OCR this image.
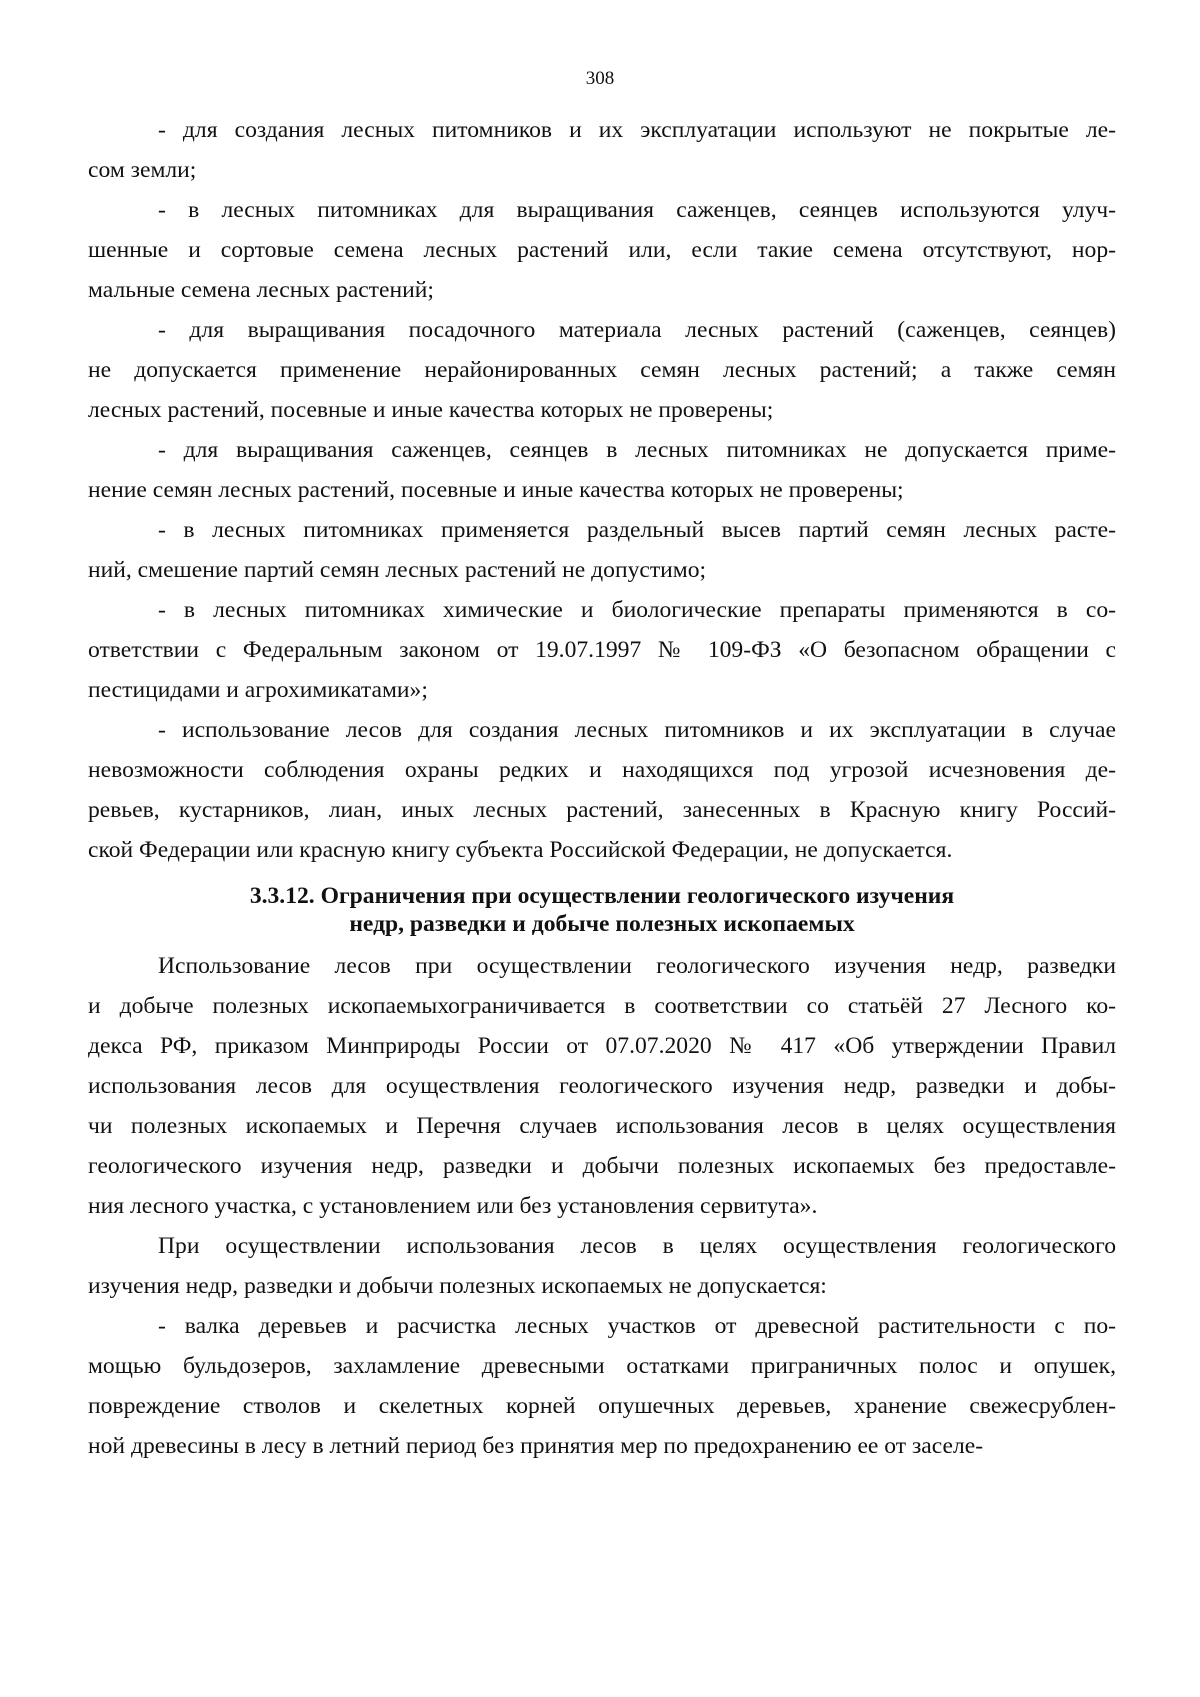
308

- для создания лесных питомников и их эксплуатации используют не покрытые ле-
сом земли;

- в лесных питомниках для выращивания саженцев, сеянцев используются улуч-
шенные и сортовые семена лесных растений или, если такие семена отсутствуют, нор-
мальные семена лесных растений;

- для выращивания посадочного материала лесных растений (саженцев, сеянцев)
не допускается применение нерайонированных семян лесных растений; а также семян
лесных растений, посевные и иные качества которых не проверены;

- для выращивания саженцев, сеянцев в лесных питомниках не допускается приме-
нение семян лесных растений, посевные и иные качества которых не проверены;

- в лесных питомниках применяется раздельный высев партий семян лесных расте-
ний, смешение партий семян лесных растений не допустимо;

- в лесных питомниках химические и биологические препараты применяются в со-
ответствии с Федеральным законом от 19.07.1997 № 109-ФЗ «О безопасном обращении с
пестицидами и агрохимикатами»;

- использование лесов для создания лесных питомников и их эксплуатации в случае
невозможности соблюдения охраны редких и находящихся под угрозой исчезновения де-
ревьев, кустарников, лиан, иных лесных растений, занесенных в Красную книгу Россий-
ской Федерации или красную книгу субъекта Российской Федерации, не допускается.

3.3.12. Ограничения при осуществлении геологического изучения
недр, разведки и добыче полезных ископаемых

Использование лесов при осуществлении геологического изучения недр, разведки
и добыче полезных ископаемыхограничивается в соответствии со статьёй 27 Лесного ко-
декса РФ, приказом Минприроды России от 07.07.2020 № 417 «Об утверждении Правил
использования лесов для осуществления геологического изучения недр, разведки и добы-
чи полезных ископаемых и Перечня случаев использования лесов в целях осуществления
геологического изучения недр, разведки и добычи полезных ископаемых без предоставле-
ния лесного участка, с установлением или без установления сервитута».

При осуществлении использования лесов в целях осуществления геологического
изучения недр, разведки и добычи полезных ископаемых не допускается:

- валка деревьев и расчистка лесных участков от древесной растительности с по-
мощью бульдозеров, захламление древесными остатками приграничных полос и опушек,
повреждение стволов и скелетных корней опушечных деревьев, хранение свежесрублен-
ной древесины в лесу в летний период без принятия мер по предохранению ее от заселе-
